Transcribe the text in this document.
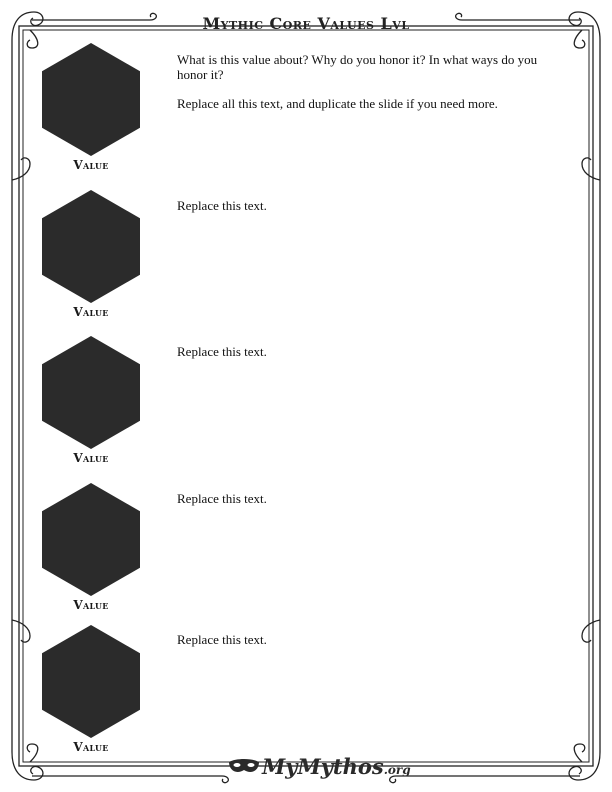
Mythic Core Values Lvl
Value

What is this value about? Why do you honor it? In what ways do you honor it?

Replace all this text, and duplicate the slide if you need more.

Value

Replace this text.

Value

Replace this text.

Value

Replace this text.

Value

Replace this text.

MyMythos.org
